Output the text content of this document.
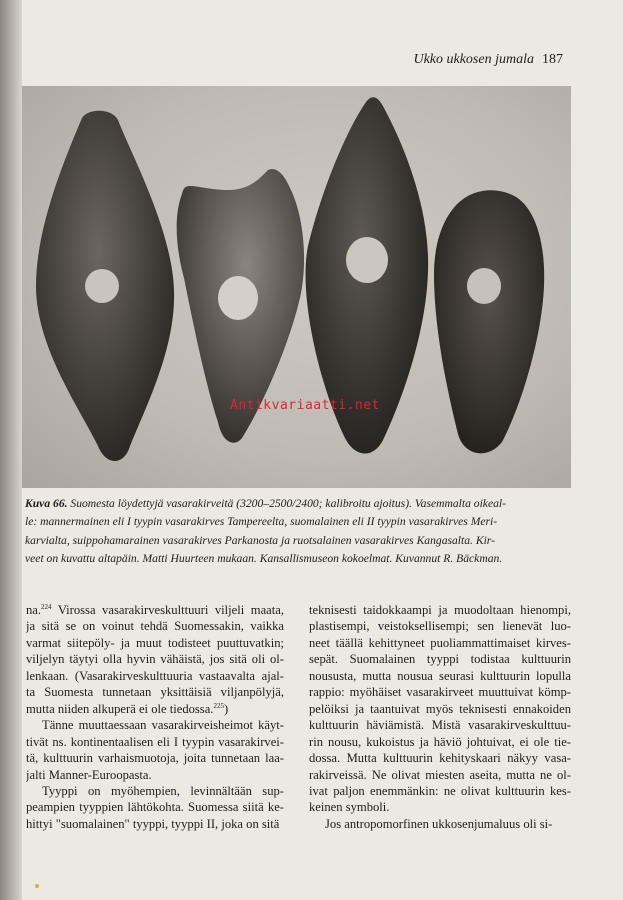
Ukko ukkosen jumala 187
Antikvariaatti.net
Kuva 66. Suomesta löydettyjä vasarakirveitä (3200–2500/2400; kalibroitu ajoitus). Vasemmalta oikeal-
le: mannermainen eli I tyypin vasarakirves Tampereelta, suomalainen eli II tyypin vasarakirves Meri-
karvialta, suippohamarainen vasarakirves Parkanosta ja ruotsalainen vasarakirves Kangasalta. Kir-
veet on kuvattu altapäin. Matti Huurteen mukaan. Kansallismuseon kokoelmat. Kuvannut R. Bäckman.
na.$^{224}$ Virossa vasarakirveskulttuuri viljeli maata,
ja sitä se on voinut tehdä Suomessakin, vaikka
varmat siitepöly- ja muut todisteet puuttuvatkin;
viljelyn täytyi olla hyvin vähäistä, jos sitä oli ol-
lenkaan. (Vasarakirveskulttuuria vastaavalta ajal-
ta Suomesta tunnetaan yksittäisiä viljanpölyjä,
mutta niiden alkuperä ei ole tiedossa.$^{225}$)
Tänne muuttaessaan vasarakirveisheimot käyt-
tivät ns. kontinentaalisen eli I tyypin vasarakirvei-
tä, kulttuurin varhaismuotoja, joita tunnetaan laa-
jalti Manner-Euroopasta.
Tyyppi on myöhempien, levinnältään sup-
peampien tyyppien lähtökohta. Suomessa siitä ke-
hittyi "suomalainen" tyyppi, tyyppi II, joka on sitä
teknisesti taidokkaampi ja muodoltaan hienompi,
plastisempi, veistoksellisempi; sen lienevät luo-
neet täällä kehittyneet puoliammattimaiset kirves-
sepät. Suomalainen tyyppi todistaa kulttuurin
noususta, mutta nousua seurasi kulttuurin lopulla
rappio: myöhäiset vasarakirveet muuttuivat kömp-
pelöiksi ja taantuivat myös teknisesti ennakoiden
kulttuurin häviämistä. Mistä vasarakirveskulttuu-
rin nousu, kukoistus ja häviö johtuivat, ei ole tie-
dossa. Mutta kulttuurin kehityskaari näkyy vasa-
rakirveissä. Ne olivat miesten aseita, mutta ne ol-
ivat paljon enemmänkin: ne olivat kulttuurin kes-
keinen symboli.
Jos antropomorfinen ukkosenjumaluus oli si-
